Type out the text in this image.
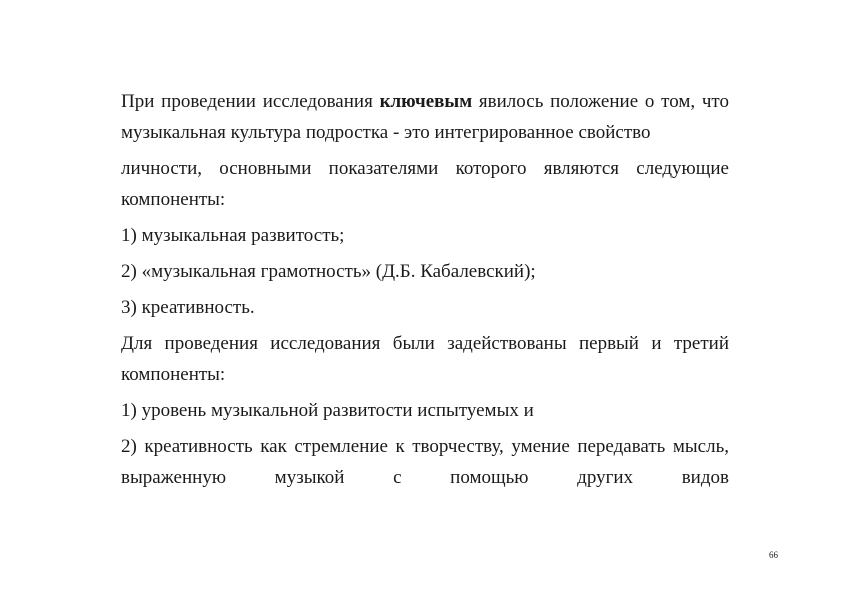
При проведении исследования ключевым явилось положение о том, что музыкальная культура подростка - это интегрированное свойство

личности, основными показателями которого являются следующие компоненты:

1) музыкальная развитость;

2) «музыкальная грамотность» (Д.Б. Кабалевский);

3) креативность.

Для проведения исследования были задействованы первый и третий компоненты:

1) уровень музыкальной развитости испытуемых и

2) креативность как стремление к творчеству, умение передавать мысль, выраженную музыкой с помощью других видов

66
